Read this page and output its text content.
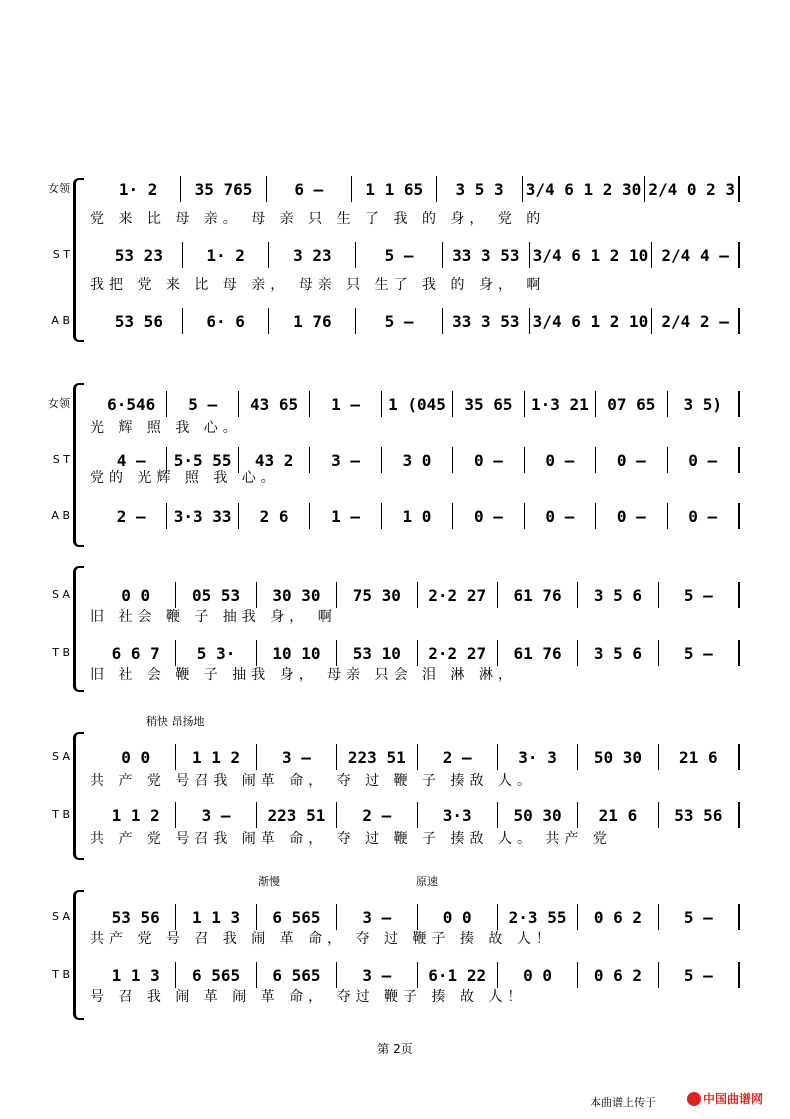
女领	1· 2	35 765	6 –	1 1 65	3 5 3	3/4 6 1 2 30 2/4 0 2 3
党 来 比 母 亲。 母 亲 只 生 了 我 的 身， 党 的
S T	53 23	1· 2	3 23	5 –	33 3 53 3/4 6 1 2 10 2/4 4 –
我把 党 来 比 母 亲， 母亲 只 生了 我 的 身， 啊
A B	53 56	6· 6	1 76	5 –	33 3 53 3/4 6 1 2 10 2/4 2 –
女领	6·546	5 –	43 65	1 –	1 (045	35 65	1·3 21	07 65	3 5)
光 辉 照 我 心。
S T	4 –	5·5 55	43 2	3 –	3 0	0 –	0 –	0 –	0 –
党的 光辉 照 我 心。
A B	2 –	3·3 33	2 6	1 –	1 0	0 –	0 –	0 –	0 –
S A	0 0	05 53	30 30	75 30	2·2 27	61 76	3 5 6	5 –
旧 社会 鞭 子 抽我 身， 啊
T B	6 6 7	5 3·	10 10	53 10	2·2 27	61 76	3 5 6	5 –
旧 社 会 鞭 子 抽我 身， 母亲 只会 泪 淋 淋，
稍快 昂扬地
S A	0 0	1 1 2	3 –	223 51	2 –	3· 3	50 30	21 6
共 产 党 号召我 闹革 命， 夺 过 鞭 子 揍敌 人。
T B	1 1 2	3 –	223 51	2 –	3·3	50 30	21 6	53 56
共 产 党 号召我 闹革 命， 夺 过 鞭 子 揍敌 人。 共产 党
渐慢	原速
S A	53 56	1 1 3	6 565	3 –	0 0	2·3 55	0 6 2	5 –
共产 党 号 召 我 闹 革 命， 夺 过 鞭子 揍 故 人！
T B	1 1 3	6 565	6 565	3 –	6·1 22	0 0	0 6 2	5 –
号 召 我 闹 革 闹 革 命， 夺过 鞭子 揍 故 人！
第 2页
本曲谱上传于	中国曲谱网
